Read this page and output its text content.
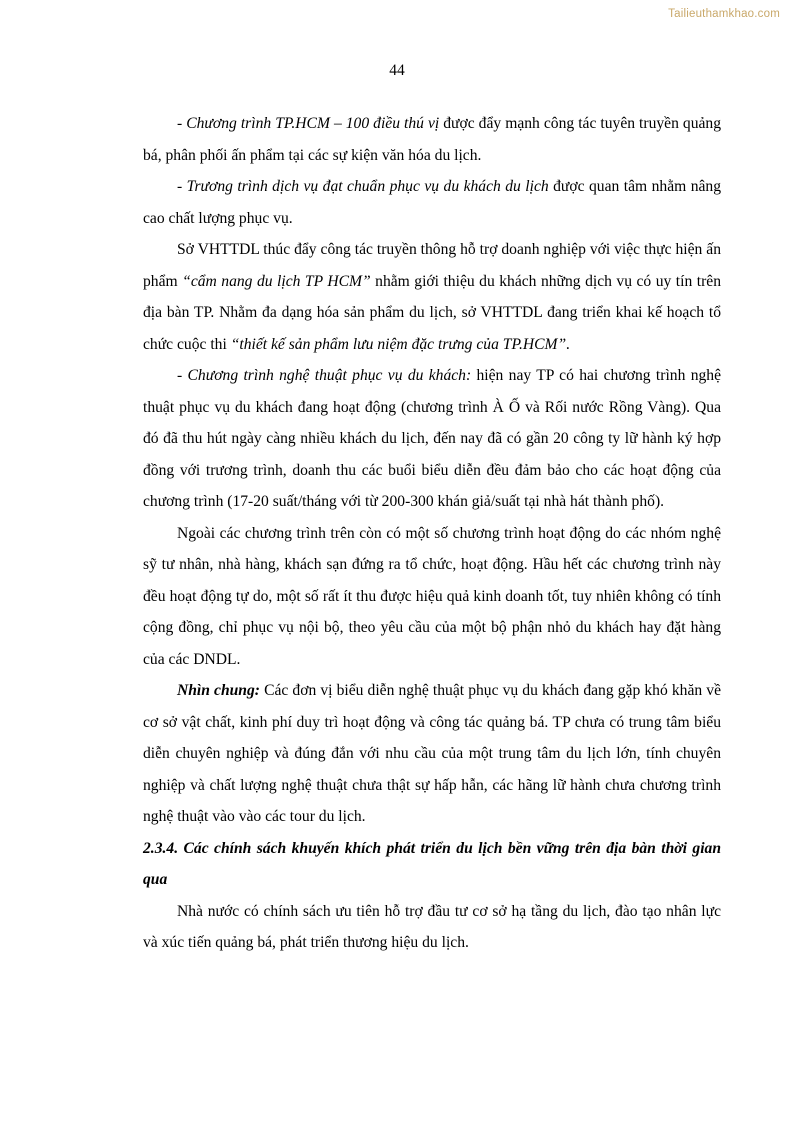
Tailieuthamkhao.com
44

- Chương trình TP.HCM – 100 điều thú vị được đẩy mạnh công tác tuyên truyền quảng bá, phân phối ấn phẩm tại các sự kiện văn hóa du lịch.

- Trương trình dịch vụ đạt chuẩn phục vụ du khách du lịch được quan tâm nhằm nâng cao chất lượng phục vụ.

Sở VHTTDL thúc đẩy công tác truyền thông hỗ trợ doanh nghiệp với việc thực hiện ấn phẩm “cẩm nang du lịch TP HCM” nhằm giới thiệu du khách những dịch vụ có uy tín trên địa bàn TP. Nhằm đa dạng hóa sản phẩm du lịch, sở VHTTDL đang triển khai kế hoạch tổ chức cuộc thi “thiết kế sản phẩm lưu niệm đặc trưng của TP.HCM”.

- Chương trình nghệ thuật phục vụ du khách: hiện nay TP có hai chương trình nghệ thuật phục vụ du khách đang hoạt động (chương trình À Ố và Rối nước Rồng Vàng). Qua đó đã thu hút ngày càng nhiều khách du lịch, đến nay đã có gần 20 công ty lữ hành ký hợp đồng với trương trình, doanh thu các buổi biểu diễn đều đảm bảo cho các hoạt động của chương trình (17-20 suất/tháng với từ 200-300 khán giả/suất tại nhà hát thành phố).

Ngoài các chương trình trên còn có một số chương trình hoạt động do các nhóm nghệ sỹ tư nhân, nhà hàng, khách sạn đứng ra tổ chức, hoạt động. Hầu hết các chương trình này đều hoạt động tự do, một số rất ít thu được hiệu quả kinh doanh tốt, tuy nhiên không có tính cộng đồng, chỉ phục vụ nội bộ, theo yêu cầu của một bộ phận nhỏ du khách hay đặt hàng của các DNDL.

Nhìn chung: Các đơn vị biểu diễn nghệ thuật phục vụ du khách đang gặp khó khăn về cơ sở vật chất, kinh phí duy trì hoạt động và công tác quảng bá. TP chưa có trung tâm biểu diễn chuyên nghiệp và đúng đắn với nhu cầu của một trung tâm du lịch lớn, tính chuyên nghiệp và chất lượng nghệ thuật chưa thật sự hấp hẫn, các hãng lữ hành chưa chương trình nghệ thuật vào vào các tour du lịch.

2.3.4. Các chính sách khuyến khích phát triển du lịch bền vững trên địa bàn thời gian qua

Nhà nước có chính sách ưu tiên hỗ trợ đầu tư cơ sở hạ tầng du lịch, đào tạo nhân lực và xúc tiến quảng bá, phát triển thương hiệu du lịch.
